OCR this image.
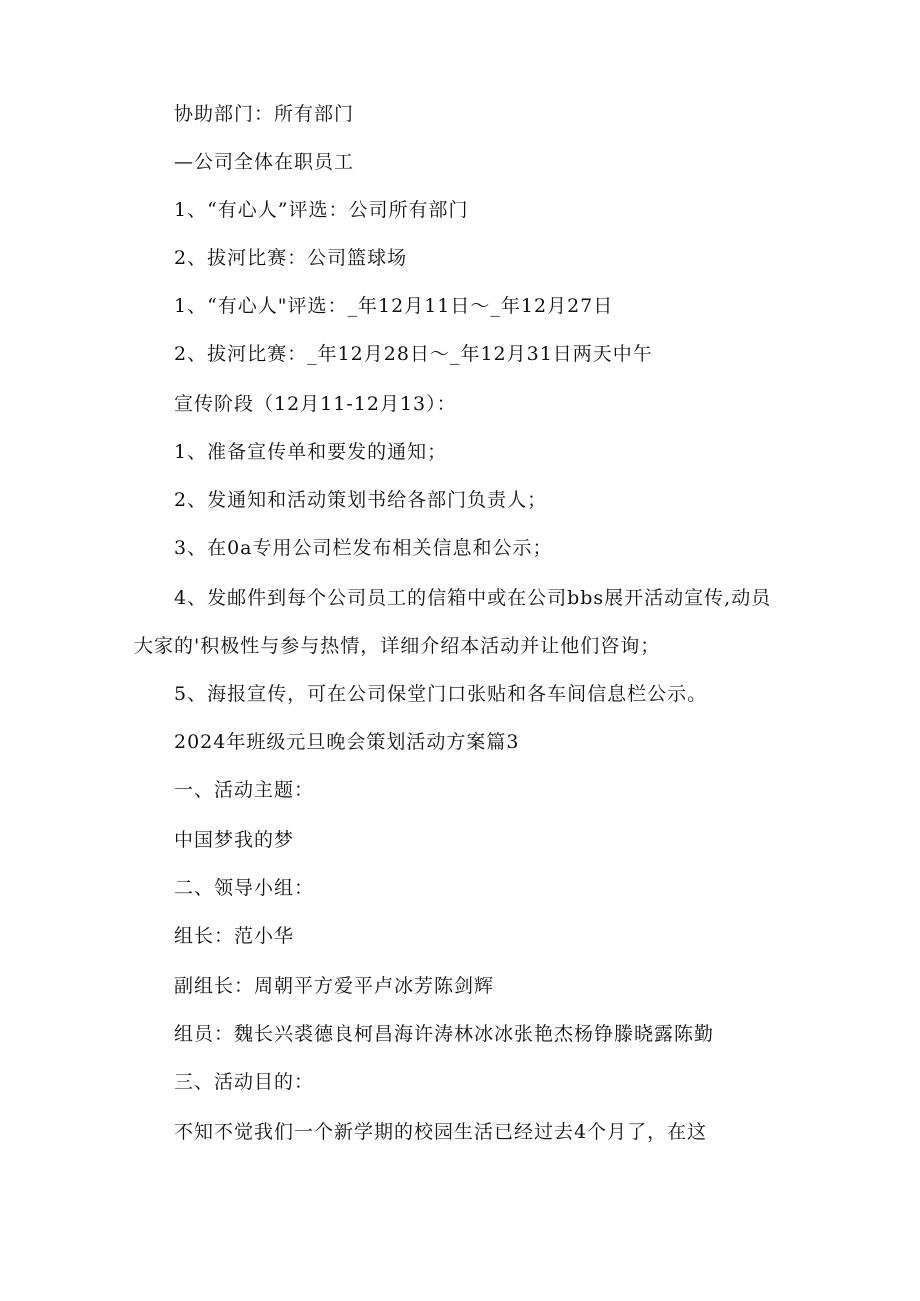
协助部门：所有部门
—公司全体在职员工
1、“有心人”评选：公司所有部门
2、拔河比赛：公司篮球场
1、“有心人"评选：_年12月11日～_年12月27日
2、拔河比赛：_年12月28日～_年12月31日两天中午
宣传阶段（12月11-12月13）：
1、准备宣传单和要发的通知；
2、发通知和活动策划书给各部门负责人；
3、在0a专用公司栏发布相关信息和公示；
4、发邮件到每个公司员工的信箱中或在公司bbs展开活动宣传,动员
大家的'积极性与参与热情，详细介绍本活动并让他们咨询；
5、海报宣传，可在公司保堂门口张贴和各车间信息栏公示。
2024年班级元旦晚会策划活动方案篇3
一、活动主题：
中国梦我的梦
二、领导小组：
组长：范小华
副组长：周朝平方爱平卢冰芳陈剑辉
组员：魏长兴裘德良柯昌海许涛林冰冰张艳杰杨铮滕晓露陈勤
三、活动目的：
不知不觉我们一个新学期的校园生活已经过去4个月了，在这
